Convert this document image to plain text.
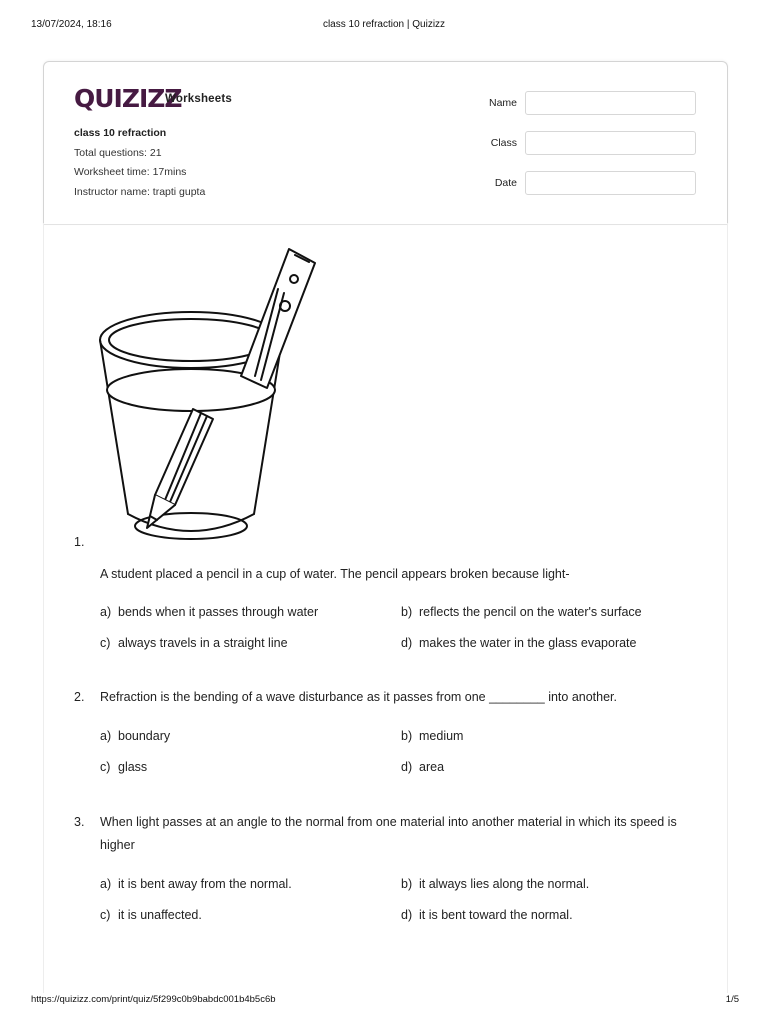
13/07/2024, 18:16	class 10 refraction | Quizizz
QUIZIZZ
Worksheets
class 10 refraction
Total questions: 21
Worksheet time: 17mins
Instructor name: trapti gupta
Name
Class
Date
1.
A student placed a pencil in a cup of water. The pencil appears broken because light-
a) bends when it passes through water	b) reflects the pencil on the water's surface
c) always travels in a straight line	d) makes the water in the glass evaporate
2. Refraction is the bending of a wave disturbance as it passes from one ________ into another.
a) boundary	b) medium
c) glass	d) area
3. When light passes at an angle to the normal from one material into another material in which its speed is higher
a) it is bent away from the normal.	b) it always lies along the normal.
c) it is unaffected.	d) it is bent toward the normal.
https://quizizz.com/print/quiz/5f299c0b9babdc001b4b5c6b	1/5
